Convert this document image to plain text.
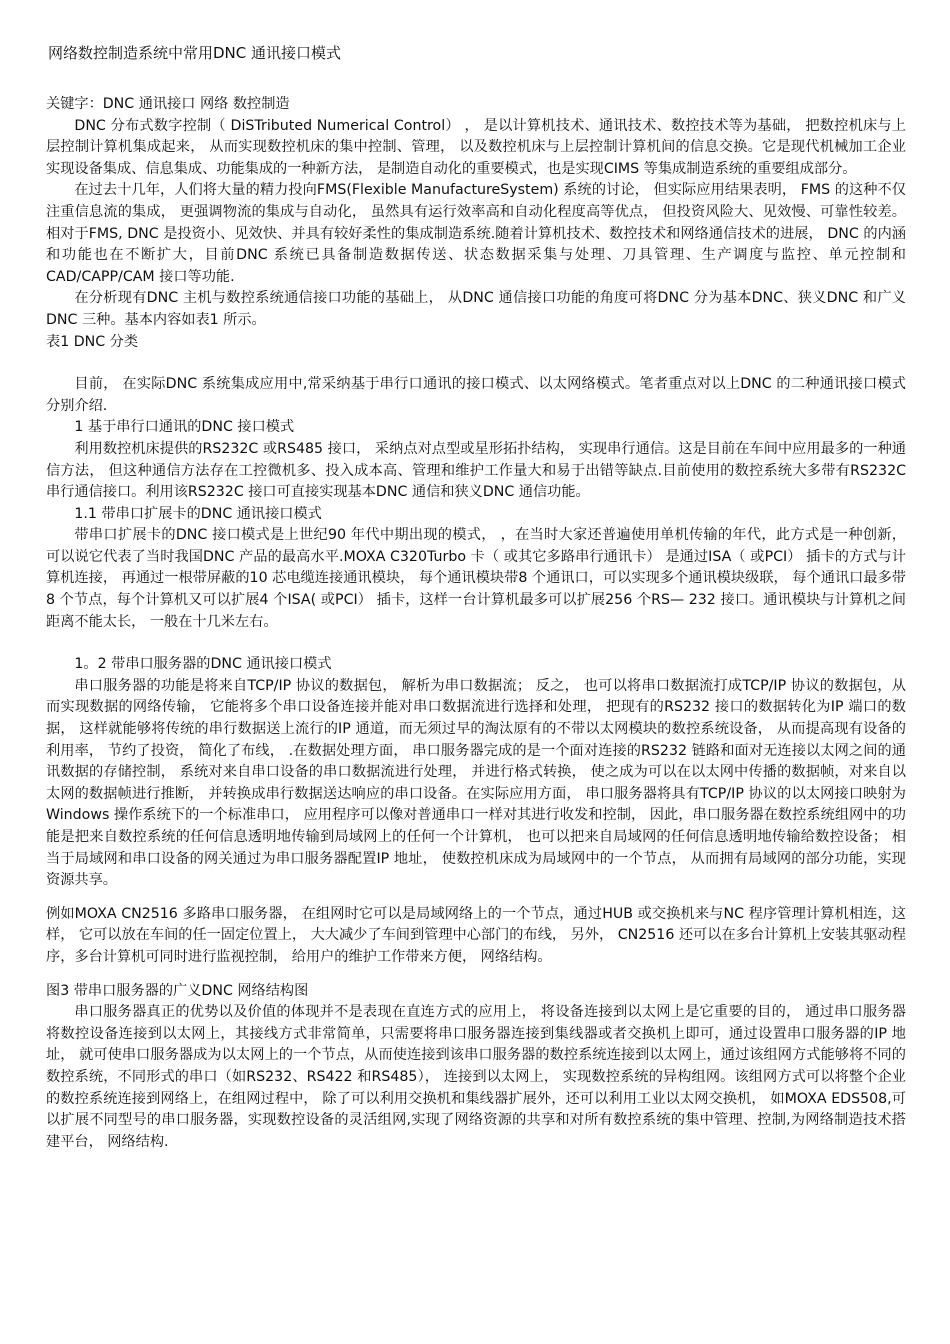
网络数控制造系统中常用DNC 通讯接口模式

关键字：DNC 通讯接口 网络 数控制造

DNC 分布式数字控制（ DiSTributed Numerical Control） ， 是以计算机技术、通讯技术、数控技术等为基础， 把数控机床与上层控制计算机集成起来， 从而实现数控机床的集中控制、管理， 以及数控机床与上层控制计算机间的信息交换。它是现代机械加工企业实现设备集成、信息集成、功能集成的一种新方法， 是制造自动化的重要模式，也是实现CIMS 等集成制造系统的重要组成部分。

在过去十几年，人们将大量的精力投向FMS(Flexible ManufactureSystem) 系统的讨论， 但实际应用结果表明， FMS 的这种不仅注重信息流的集成， 更强调物流的集成与自动化， 虽然具有运行效率高和自动化程度高等优点， 但投资风险大、见效慢、可靠性较差。相对于FMS, DNC 是投资小、见效快、并具有较好柔性的集成制造系统.随着计算机技术、数控技术和网络通信技术的进展， DNC 的内涵和功能也在不断扩大，目前DNC 系统已具备制造数据传送、状态数据采集与处理、刀具管理、生产调度与监控、单元控制和CAD/CAPP/CAM 接口等功能.

在分析现有DNC 主机与数控系统通信接口功能的基础上， 从DNC 通信接口功能的角度可将DNC 分为基本DNC、狭义DNC 和广义DNC 三种。基本内容如表1 所示。

表1 DNC 分类

目前， 在实际DNC 系统集成应用中,常采纳基于串行口通讯的接口模式、以太网络模式。笔者重点对以上DNC 的二种通讯接口模式分别介绍.

1 基于串行口通讯的DNC 接口模式

利用数控机床提供的RS232C 或RS485 接口， 采纳点对点型或星形拓扑结构， 实现串行通信。这是目前在车间中应用最多的一种通信方法， 但这种通信方法存在工控微机多、投入成本高、管理和维护工作量大和易于出错等缺点.目前使用的数控系统大多带有RS232C 串行通信接口。利用该RS232C 接口可直接实现基本DNC 通信和狭义DNC 通信功能。

1.1 带串口扩展卡的DNC 通讯接口模式

带串口扩展卡的DNC 接口模式是上世纪90 年代中期出现的模式， ，在当时大家还普遍使用单机传输的年代，此方式是一种创新， 可以说它代表了当时我国DNC 产品的最高水平.MOXA C320Turbo 卡（ 或其它多路串行通讯卡） 是通过ISA（ 或PCI） 插卡的方式与计算机连接， 再通过一根带屏蔽的10 芯电缆连接通讯模块， 每个通讯模块带8 个通讯口，可以实现多个通讯模块级联， 每个通讯口最多带8 个节点，每个计算机又可以扩展4 个ISA( 或PCI） 插卡，这样一台计算机最多可以扩展256 个RS— 232 接口。通讯模块与计算机之间距离不能太长， 一般在十几米左右。

1。2 带串口服务器的DNC 通讯接口模式

串口服务器的功能是将来自TCP/IP 协议的数据包， 解析为串口数据流； 反之， 也可以将串口数据流打成TCP/IP 协议的数据包，从而实现数据的网络传输， 它能将多个串口设备连接并能对串口数据流进行选择和处理， 把现有的RS232 接口的数据转化为IP 端口的数据， 这样就能够将传统的串行数据送上流行的IP 通道，而无须过早的淘汰原有的不带以太网模块的数控系统设备， 从而提高现有设备的利用率， 节约了投资， 简化了布线， .在数据处理方面， 串口服务器完成的是一个面对连接的RS232 链路和面对无连接以太网之间的通讯数据的存储控制， 系统对来自串口设备的串口数据流进行处理， 并进行格式转换， 使之成为可以在以太网中传播的数据帧，对来自以太网的数据帧进行推断， 并转换成串行数据送达响应的串口设备。在实际应用方面， 串口服务器将具有TCP/IP 协议的以太网接口映射为Windows 操作系统下的一个标准串口， 应用程序可以像对普通串口一样对其进行收发和控制， 因此，串口服务器在数控系统组网中的功能是把来自数控系统的任何信息透明地传输到局域网上的任何一个计算机， 也可以把来自局域网的任何信息透明地传输给数控设备； 相当于局域网和串口设备的网关通过为串口服务器配置IP 地址， 使数控机床成为局域网中的一个节点， 从而拥有局域网的部分功能，实现资源共享。

例如MOXA CN2516 多路串口服务器， 在组网时它可以是局域网络上的一个节点，通过HUB 或交换机来与NC 程序管理计算机相连，这样， 它可以放在车间的任一固定位置上， 大大减少了车间到管理中心部门的布线， 另外， CN2516 还可以在多台计算机上安装其驱动程序，多台计算机可同时进行监视控制， 给用户的维护工作带来方便， 网络结构。

图3 带串口服务器的广义DNC 网络结构图

串口服务器真正的优势以及价值的体现并不是表现在直连方式的应用上， 将设备连接到以太网上是它重要的目的， 通过串口服务器将数控设备连接到以太网上，其接线方式非常简单，只需要将串口服务器连接到集线器或者交换机上即可，通过设置串口服务器的IP 地址， 就可使串口服务器成为以太网上的一个节点，从而使连接到该串口服务器的数控系统连接到以太网上，通过该组网方式能够将不同的数控系统，不同形式的串口（如RS232、RS422 和RS485）， 连接到以太网上， 实现数控系统的异构组网。该组网方式可以将整个企业的数控系统连接到网络上，在组网过程中， 除了可以利用交换机和集线器扩展外，还可以利用工业以太网交换机， 如MOXA EDS508,可以扩展不同型号的串口服务器，实现数控设备的灵活组网,实现了网络资源的共享和对所有数控系统的集中管理、控制,为网络制造技术搭建平台， 网络结构.
